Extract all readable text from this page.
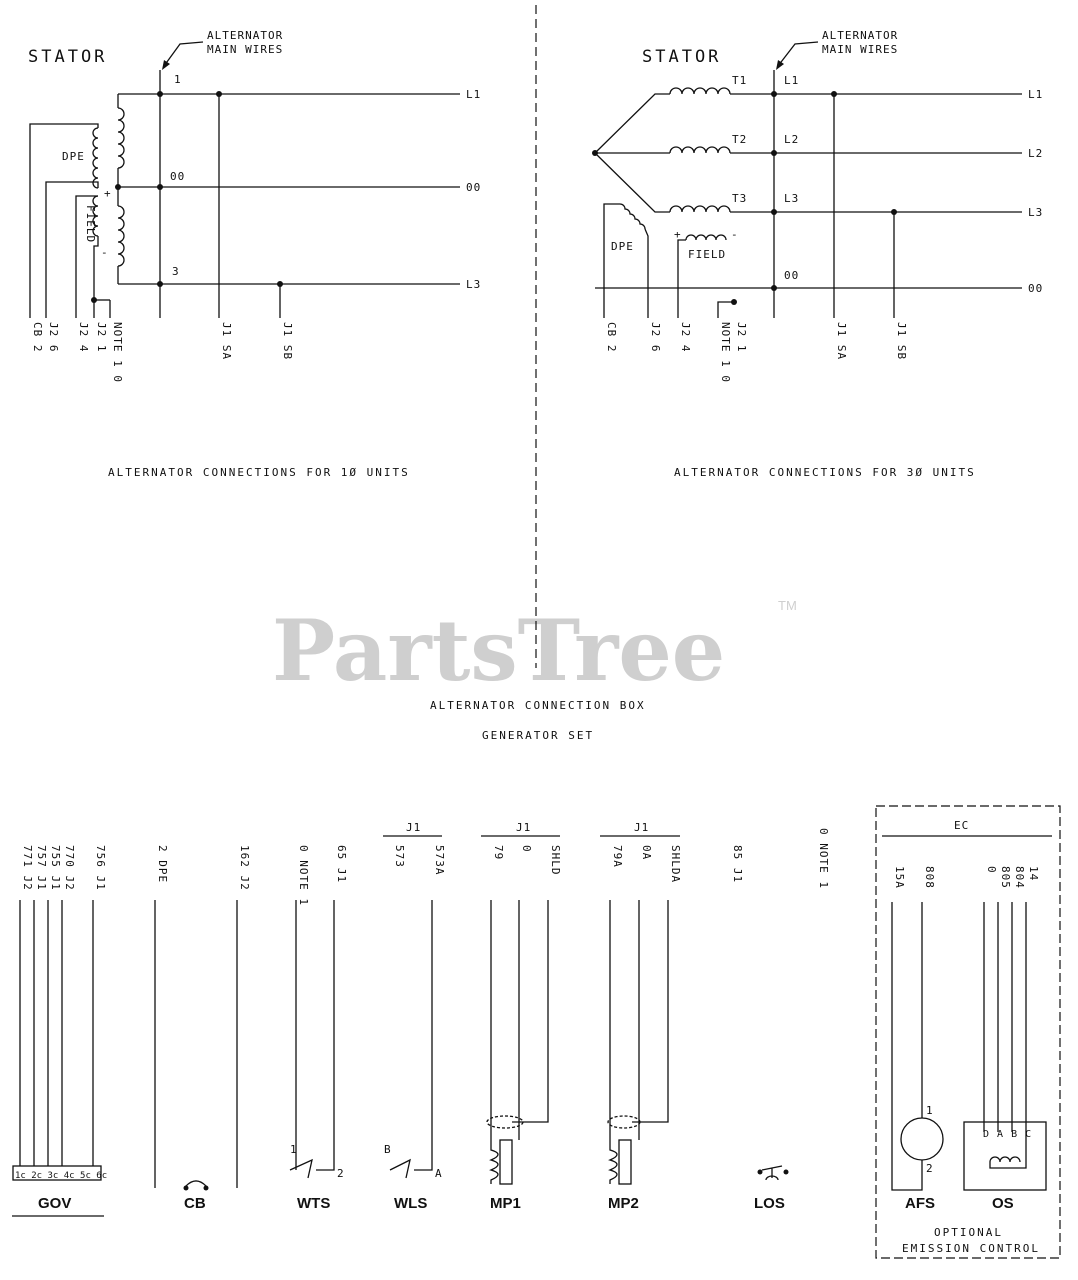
PartsTree	TM
STATOR
ALTERNATOR
MAIN WIRES
L1
00
L3
1
00
3
DPE
+
FIELD
-
CB 2 J2 6 J2 4 J2 1 NOTE 1 0	J1 SA	J1 SB
ALTERNATOR CONNECTIONS FOR 1Ø UNITS
STATOR
ALTERNATOR
MAIN WIRES
T1
T2
T3
L1
L2
L3
00
L1
L2
L3
00
DPE
+	-
FIELD
CB 2	J2 6 J2 4 NOTE 1 0 J2 1	J1 SA	J1 SB
ALTERNATOR CONNECTIONS FOR 3Ø UNITS
ALTERNATOR CONNECTION BOX
GENERATOR SET
771 J2 757 J1 755 J1 770 J2 756 J1
1c 2c 3c 4c 5c 6c
GOV
2 DPE	162 J2
CB
0 NOTE 1 65 J1
1
2
WTS
J1
573 573A
B
A
WLS
J1
79 0 SHLD
MP1
J1
79A 0A SHLDA
MP2
85 J1	0 NOTE 1
LOS
EC
15A 808
1
2
AFS
0 805 804 14
D A B C
OS
OPTIONAL
EMISSION CONTROL
